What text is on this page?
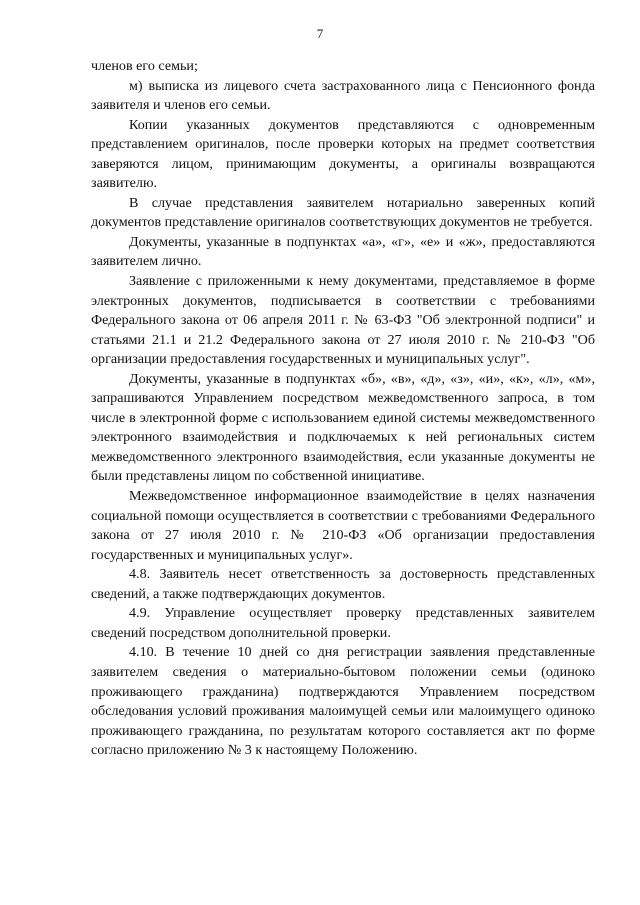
7

членов его семьи;

м) выписка из лицевого счета застрахованного лица с Пенсионного фонда заявителя и членов его семьи.

Копии указанных документов представляются с одновременным представлением оригиналов, после проверки которых на предмет соответствия заверяются лицом, принимающим документы, а оригиналы возвращаются заявителю.

В случае представления заявителем нотариально заверенных копий документов представление оригиналов соответствующих документов не требуется.

Документы, указанные в подпунктах «а», «г», «е» и «ж», предоставляются заявителем лично.

Заявление с приложенными к нему документами, представляемое в форме электронных документов, подписывается в соответствии с требованиями Федерального закона от 06 апреля 2011 г. № 63-ФЗ "Об электронной подписи" и статьями 21.1 и 21.2 Федерального закона от 27 июля 2010 г. № 210-ФЗ "Об организации предоставления государственных и муниципальных услуг".

Документы, указанные в подпунктах «б», «в», «д», «з», «и», «к», «л», «м», запрашиваются Управлением посредством межведомственного запроса, в том числе в электронной форме с использованием единой системы межведомственного электронного взаимодействия и подключаемых к ней региональных систем межведомственного электронного взаимодействия, если указанные документы не были представлены лицом по собственной инициативе.

Межведомственное информационное взаимодействие в целях назначения социальной помощи осуществляется в соответствии с требованиями Федерального закона от 27 июля 2010 г. № 210-ФЗ «Об организации предоставления государственных и муниципальных услуг».

4.8. Заявитель несет ответственность за достоверность представленных сведений, а также подтверждающих документов.

4.9. Управление осуществляет проверку представленных заявителем сведений посредством дополнительной проверки.

4.10. В течение 10 дней со дня регистрации заявления представленные заявителем сведения о материально-бытовом положении семьи (одиноко проживающего гражданина) подтверждаются Управлением посредством обследования условий проживания малоимущей семьи или малоимущего одиноко проживающего гражданина, по результатам которого составляется акт по форме согласно приложению № 3 к настоящему Положению.
